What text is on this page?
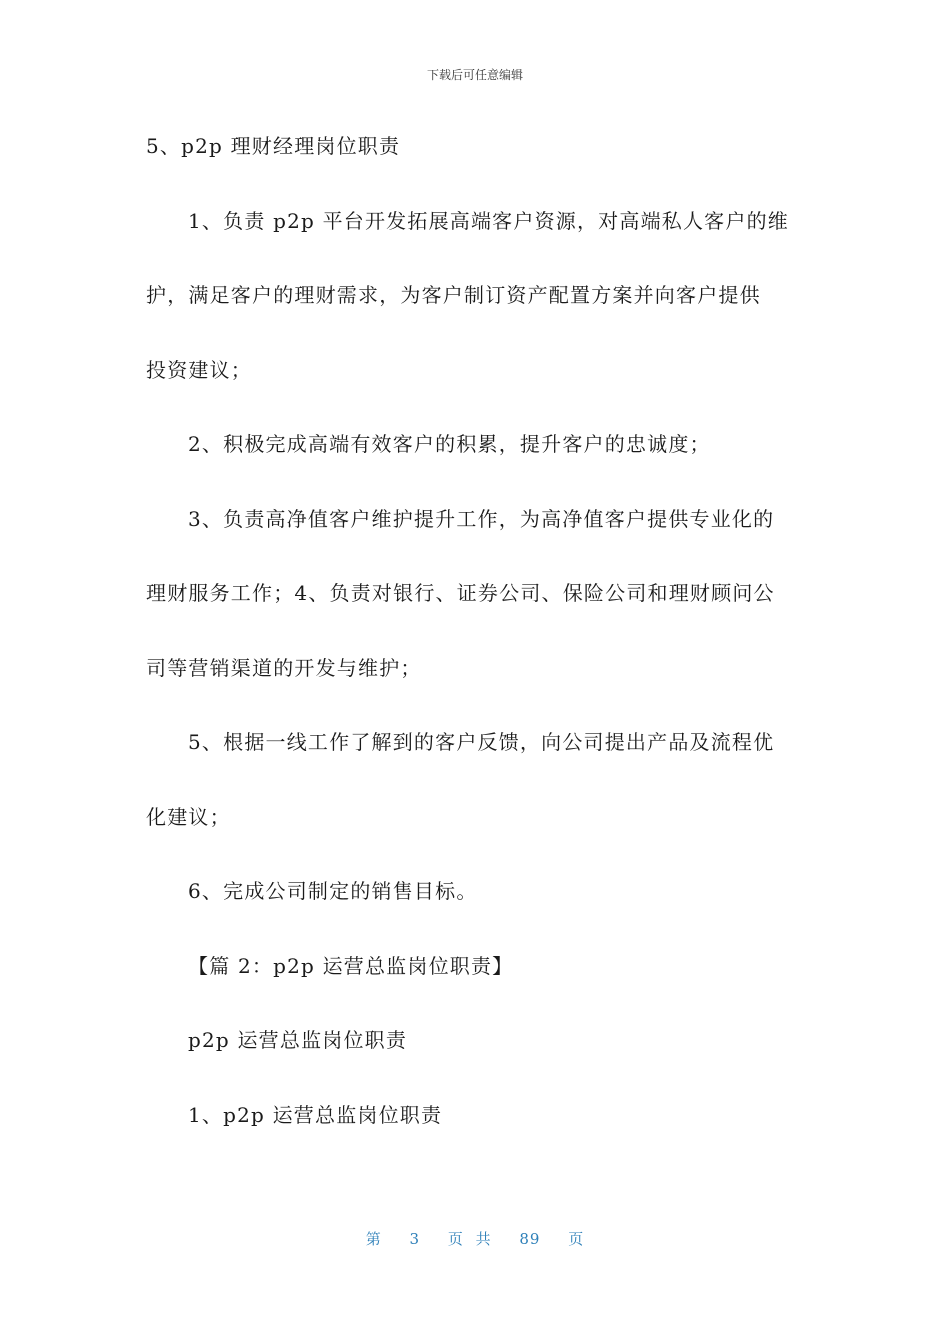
下载后可任意编辑
5、p2p 理财经理岗位职责
1、负责 p2p 平台开发拓展高端客户资源，对高端私人客户的维
护，满足客户的理财需求，为客户制订资产配置方案并向客户提供
投资建议；
2、积极完成高端有效客户的积累，提升客户的忠诚度；
3、负责高净值客户维护提升工作，为高净值客户提供专业化的
理财服务工作；4、负责对银行、证券公司、保险公司和理财顾问公
司等营销渠道的开发与维护；
5、根据一线工作了解到的客户反馈，向公司提出产品及流程优
化建议；
6、完成公司制定的销售目标。
【篇 2：p2p 运营总监岗位职责】
p2p 运营总监岗位职责
1、p2p 运营总监岗位职责
第 3 页 共 89 页
